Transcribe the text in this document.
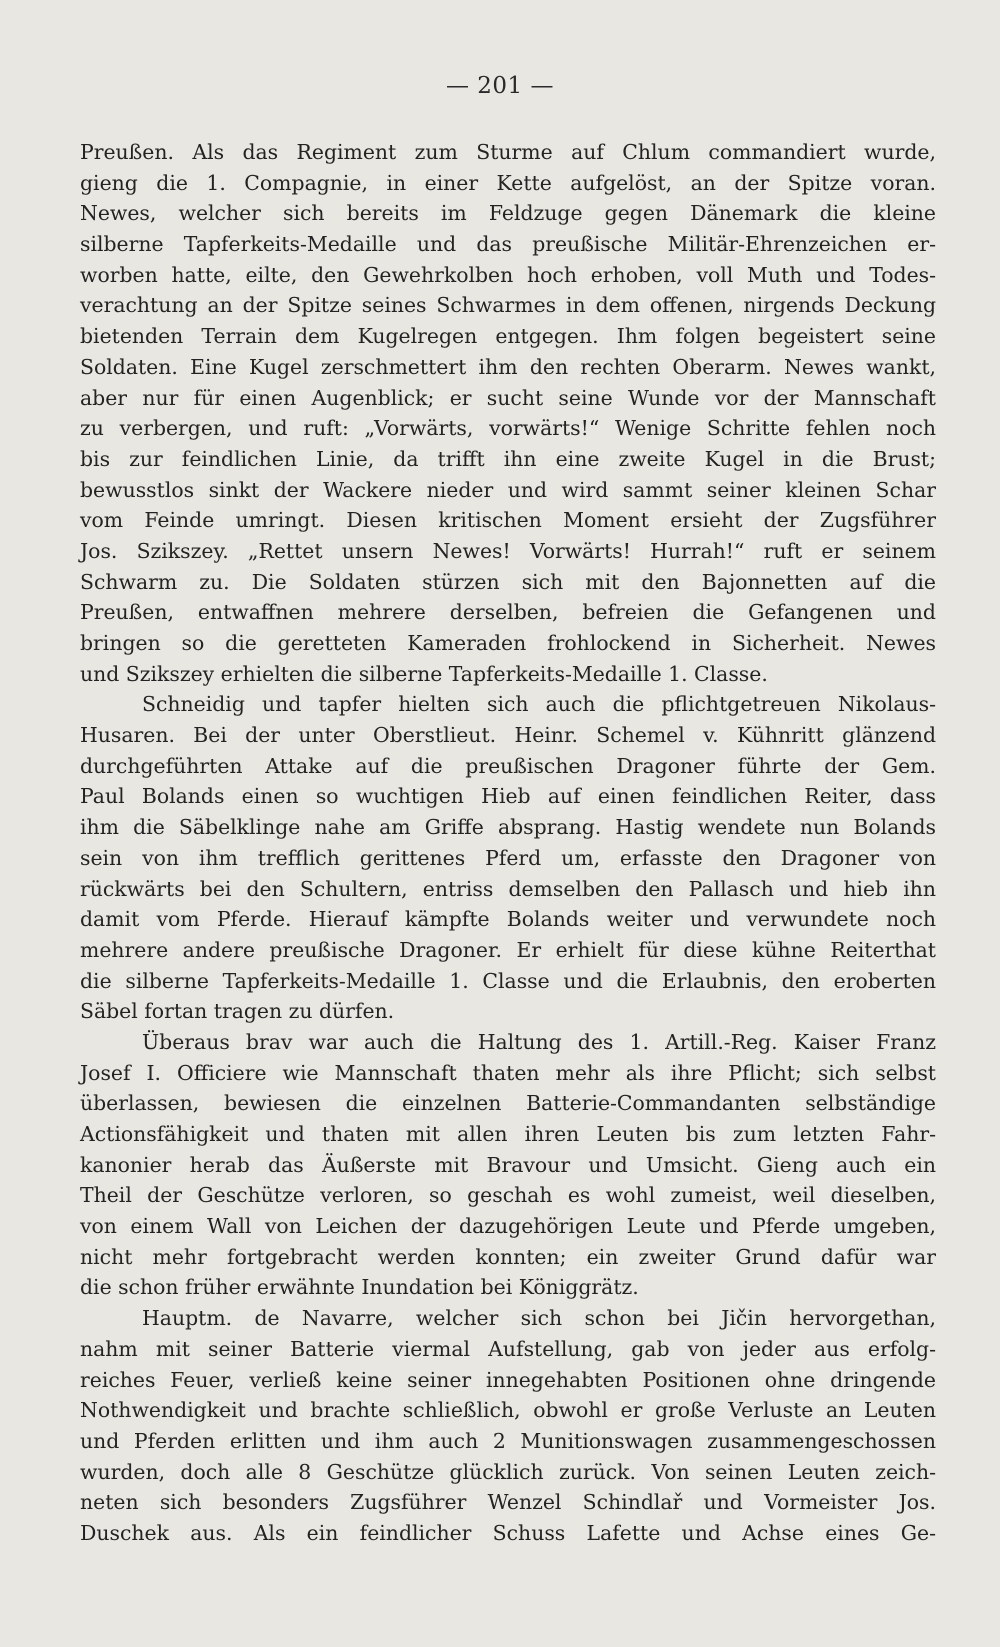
— 201 —
Preußen. Als das Regiment zum Sturme auf Chlum commandiert wurde,
gieng die 1. Compagnie, in einer Kette aufgelöst, an der Spitze voran.
Newes, welcher sich bereits im Feldzuge gegen Dänemark die kleine
silberne Tapferkeits-Medaille und das preußische Militär-Ehrenzeichen er-
worben hatte, eilte, den Gewehrkolben hoch erhoben, voll Muth und Todes-
verachtung an der Spitze seines Schwarmes in dem offenen, nirgends Deckung
bietenden Terrain dem Kugelregen entgegen. Ihm folgen begeistert seine
Soldaten. Eine Kugel zerschmettert ihm den rechten Oberarm. Newes wankt,
aber nur für einen Augenblick; er sucht seine Wunde vor der Mannschaft
zu verbergen, und ruft: „Vorwärts, vorwärts!“ Wenige Schritte fehlen noch
bis zur feindlichen Linie, da trifft ihn eine zweite Kugel in die Brust;
bewusstlos sinkt der Wackere nieder und wird sammt seiner kleinen Schar
vom Feinde umringt. Diesen kritischen Moment ersieht der Zugsführer
Jos. Szikszey. „Rettet unsern Newes! Vorwärts! Hurrah!“ ruft er seinem
Schwarm zu. Die Soldaten stürzen sich mit den Bajonnetten auf die
Preußen, entwaffnen mehrere derselben, befreien die Gefangenen und
bringen so die geretteten Kameraden frohlockend in Sicherheit. Newes
und Szikszey erhielten die silberne Tapferkeits-Medaille 1. Classe.
Schneidig und tapfer hielten sich auch die pflichtgetreuen Nikolaus-
Husaren. Bei der unter Oberstlieut. Heinr. Schemel v. Kühnritt glänzend
durchgeführten Attake auf die preußischen Dragoner führte der Gem.
Paul Bolands einen so wuchtigen Hieb auf einen feindlichen Reiter, dass
ihm die Säbelklinge nahe am Griffe absprang. Hastig wendete nun Bolands
sein von ihm trefflich gerittenes Pferd um, erfasste den Dragoner von
rückwärts bei den Schultern, entriss demselben den Pallasch und hieb ihn
damit vom Pferde. Hierauf kämpfte Bolands weiter und verwundete noch
mehrere andere preußische Dragoner. Er erhielt für diese kühne Reiterthat
die silberne Tapferkeits-Medaille 1. Classe und die Erlaubnis, den eroberten
Säbel fortan tragen zu dürfen.
Überaus brav war auch die Haltung des 1. Artill.-Reg. Kaiser Franz
Josef I. Officiere wie Mannschaft thaten mehr als ihre Pflicht; sich selbst
überlassen, bewiesen die einzelnen Batterie-Commandanten selbständige
Actionsfähigkeit und thaten mit allen ihren Leuten bis zum letzten Fahr-
kanonier herab das Äußerste mit Bravour und Umsicht. Gieng auch ein
Theil der Geschütze verloren, so geschah es wohl zumeist, weil dieselben,
von einem Wall von Leichen der dazugehörigen Leute und Pferde umgeben,
nicht mehr fortgebracht werden konnten; ein zweiter Grund dafür war
die schon früher erwähnte Inundation bei Königgrätz.
Hauptm. de Navarre, welcher sich schon bei Jičin hervorgethan,
nahm mit seiner Batterie viermal Aufstellung, gab von jeder aus erfolg-
reiches Feuer, verließ keine seiner innegehabten Positionen ohne dringende
Nothwendigkeit und brachte schließlich, obwohl er große Verluste an Leuten
und Pferden erlitten und ihm auch 2 Munitionswagen zusammengeschossen
wurden, doch alle 8 Geschütze glücklich zurück. Von seinen Leuten zeich-
neten sich besonders Zugsführer Wenzel Schindlař und Vormeister Jos.
Duschek aus. Als ein feindlicher Schuss Lafette und Achse eines Ge-
